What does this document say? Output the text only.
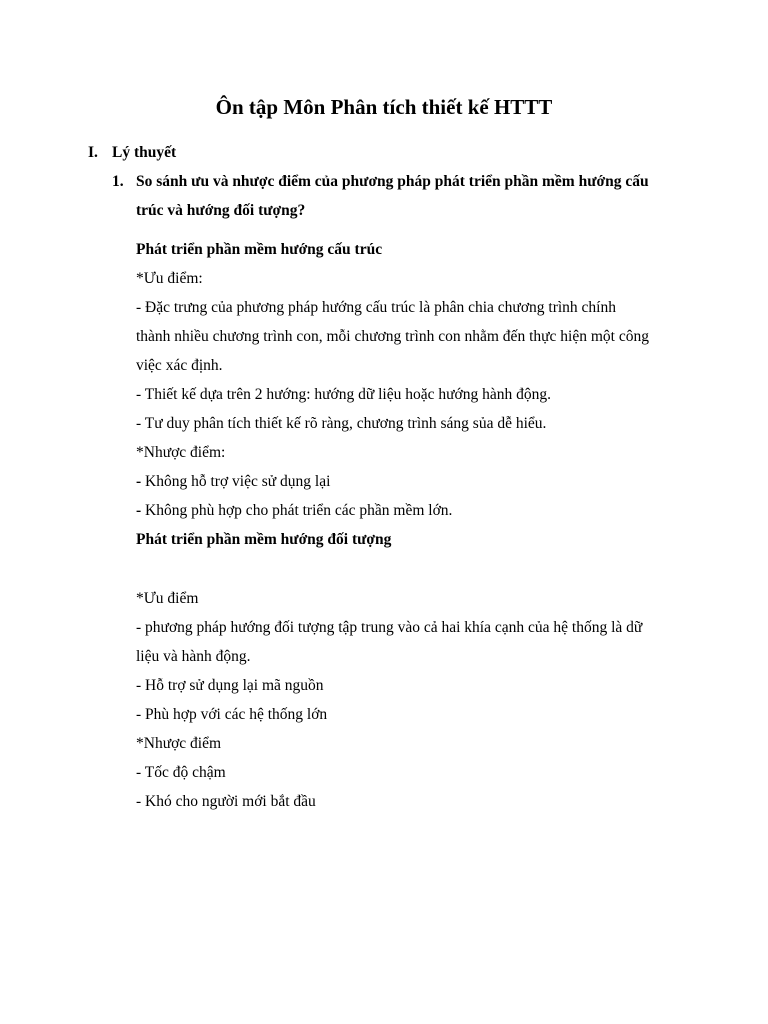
Ôn tập Môn Phân tích thiết kế HTTT
I. Lý thuyết
1. So sánh ưu và nhược điểm của phương pháp phát triển phần mềm hướng cấu
trúc và hướng đối tượng?
Phát triển phần mềm hướng cấu trúc
*Ưu điểm:
- Đặc trưng của phương pháp hướng cấu trúc là phân chia chương trình chính
thành nhiều chương trình con, mỗi chương trình con nhằm đến thực hiện một công
việc xác định.
- Thiết kế dựa trên 2 hướng: hướng dữ liệu hoặc hướng hành động.
- Tư duy phân tích thiết kế rõ ràng, chương trình sáng sủa dễ hiểu.
*Nhược điểm:
- Không hỗ trợ việc sử dụng lại
- Không phù hợp cho phát triển các phần mềm lớn.
Phát triển phần mềm hướng đối tượng
*Ưu điểm
- phương pháp hướng đối tượng tập trung vào cả hai khía cạnh của hệ thống là dữ
liệu và hành động.
- Hỗ trợ sử dụng lại mã nguồn
- Phù hợp với các hệ thống lớn
*Nhược điểm
- Tốc độ chậm
- Khó cho người mới bắt đầu
